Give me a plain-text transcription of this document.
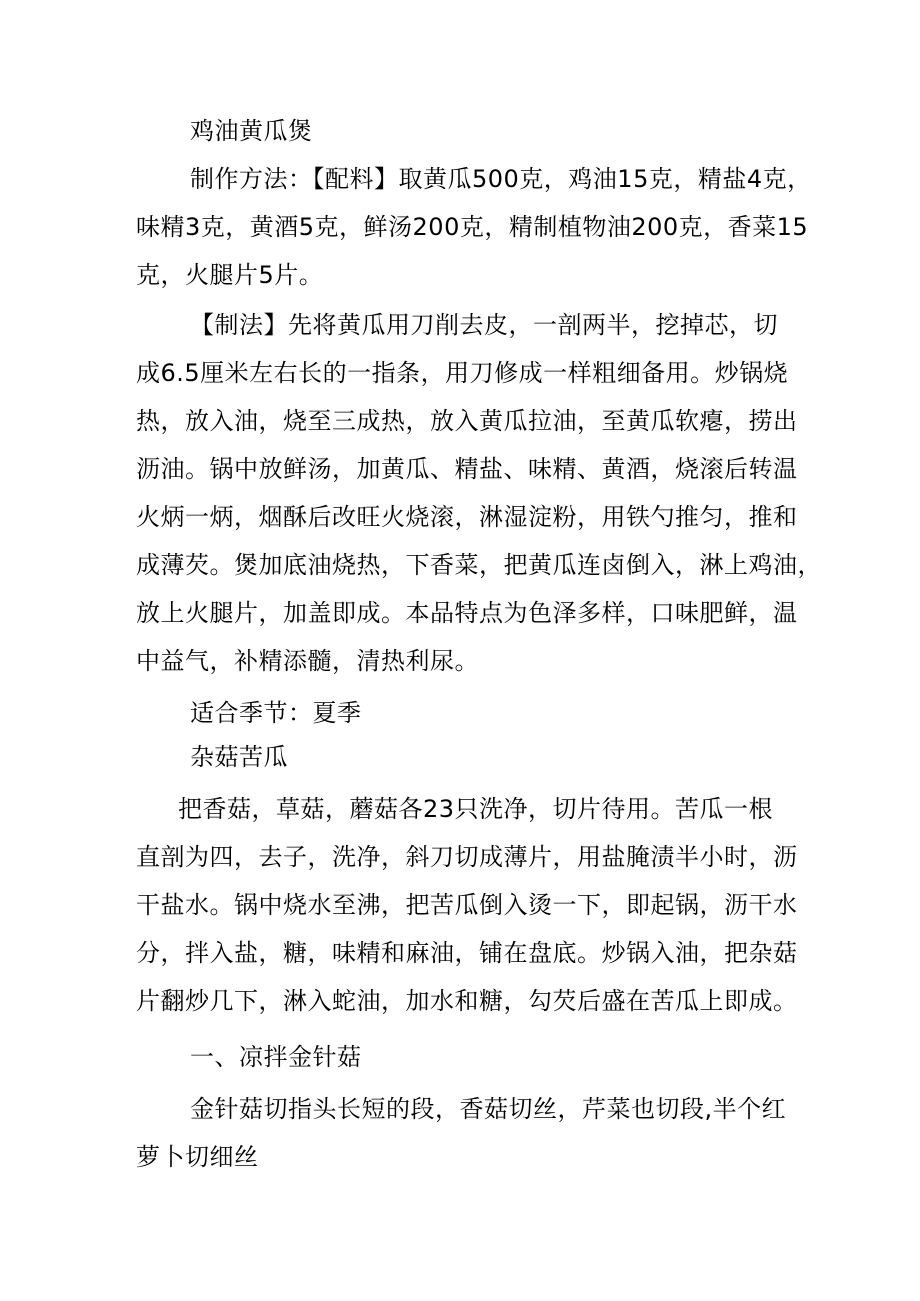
鸡油黄瓜煲
制作方法：【配料】取黄瓜500克，鸡油15克，精盐4克，
味精3克，黄酒5克，鲜汤200克，精制植物油200克，香菜15
克，火腿片5片。
【制法】先将黄瓜用刀削去皮，一剖两半，挖掉芯，切
成6.5厘米左右长的一指条，用刀修成一样粗细备用。炒锅烧
热，放入油，烧至三成热，放入黄瓜拉油，至黄瓜软瘪，捞出
沥油。锅中放鲜汤，加黄瓜、精盐、味精、黄酒，烧滚后转温
火炳一炳，烟酥后改旺火烧滚，淋湿淀粉，用铁勺推匀，推和
成薄芡。煲加底油烧热，下香菜，把黄瓜连卤倒入，淋上鸡油，
放上火腿片，加盖即成。本品特点为色泽多样，口味肥鲜，温
中益气，补精添髓，清热利尿。
适合季节：夏季
杂菇苦瓜
把香菇，草菇，蘑菇各23只洗净，切片待用。苦瓜一根
直剖为四，去子，洗净，斜刀切成薄片，用盐腌渍半小时，沥
干盐水。锅中烧水至沸，把苦瓜倒入烫一下，即起锅，沥干水
分，拌入盐，糖，味精和麻油，铺在盘底。炒锅入油，把杂菇
片翻炒几下，淋入蛇油，加水和糖，勾芡后盛在苦瓜上即成。
一、凉拌金针菇
金针菇切指头长短的段，香菇切丝，芹菜也切段,半个红
萝卜切细丝
